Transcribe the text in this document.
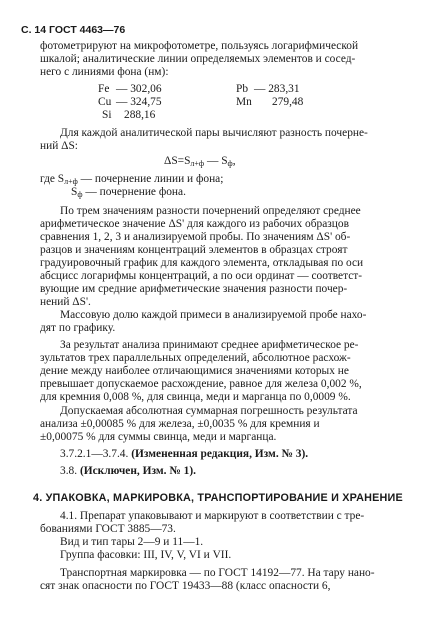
С. 14 ГОСТ 4463—76
фотометрируют на микрофотометре, пользуясь логарифмической
шкалой; аналитические линии определяемых элементов и сосед-
него с линиями фона (нм):
Fe — 302,06
Cu — 324,75
Si 288,16
Pb — 283,31
Mn 279,48
Для каждой аналитической пары вычисляют разность почерне-
ний ΔS:
$\Delta S=S_{л+ф}$ — $S_ф$,
где $S_{л+ф}$ — почернение линии и фона;
$S_ф$ — почернение фона.
По трем значениям разности почернений определяют среднее
арифметическое значение ΔS' для каждого из рабочих образцов
сравнения 1, 2, 3 и анализируемой пробы. По значениям ΔS' об-
разцов и значениям концентраций элементов в образцах строят
градуировочный график для каждого элемента, откладывая по оси
абсцисс логарифмы концентраций, а по оси ординат — соответст-
вующие им средние арифметические значения разности почер-
нений ΔS'.
Массовую долю каждой примеси в анализируемой пробе нахо-
дят по графику.
За результат анализа принимают среднее арифметическое ре-
зультатов трех параллельных определений, абсолютное расхож-
дение между наиболее отличающимися значениями которых не
превышает допускаемое расхождение, равное для железа 0,002 %,
для кремния 0,008 %, для свинца, меди и марганца по 0,0009 %.
Допускаемая абсолютная суммарная погрешность результата
анализа ±0,00085 % для железа, ±0,0035 % для кремния и
±0,00075 % для суммы свинца, меди и марганца.
3.7.2.1—3.7.4. (Измененная редакция, Изм. № 3).
3.8. (Исключен, Изм. № 1).
4. УПАКОВКА, МАРКИРОВКА, ТРАНСПОРТИРОВАНИЕ И ХРАНЕНИЕ
4.1. Препарат упаковывают и маркируют в соответствии с тре-
бованиями ГОСТ 3885—73.
Вид и тип тары 2—9 и 11—1.
Группа фасовки: III, IV, V, VI и VII.
Транспортная маркировка — по ГОСТ 14192—77. На тару нано-
сят знак опасности по ГОСТ 19433—88 (класс опасности 6,
